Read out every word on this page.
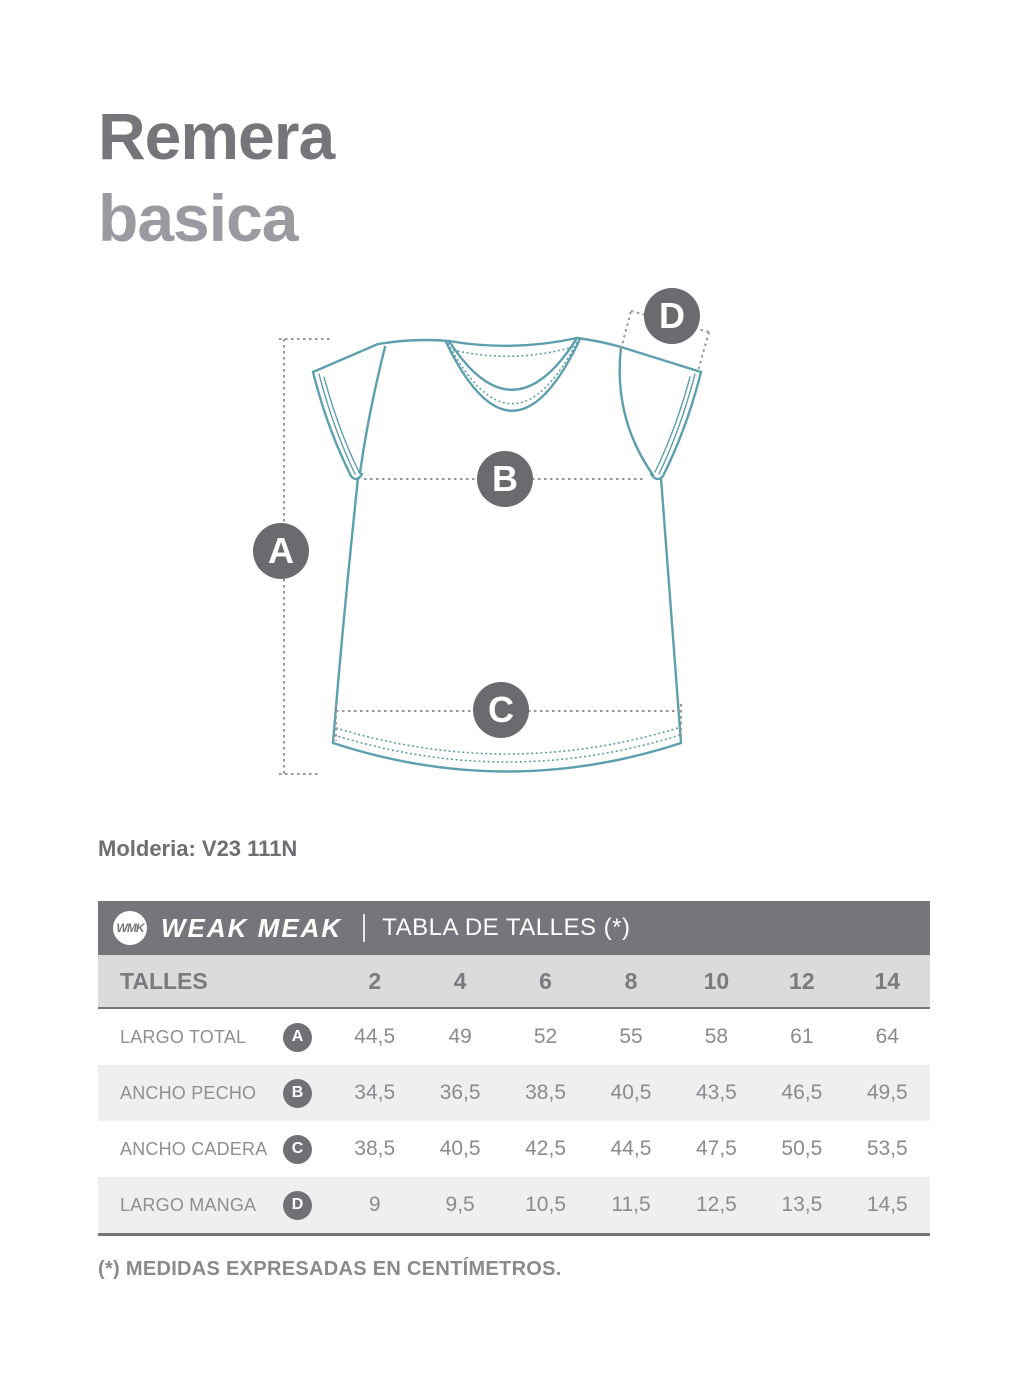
Remera
basica
A
B
C
D
Molderia: V23 111N
WMK WEAK MEAK TABLA DE TALLES (*)
TALLES	2	4	6	8	10	12	14
LARGO TOTAL	A	44,5	49	52	55	58	61	64
ANCHO PECHO	B	34,5	36,5	38,5	40,5	43,5	46,5	49,5
ANCHO CADERA	C	38,5	40,5	42,5	44,5	47,5	50,5	53,5
LARGO MANGA	D	9	9,5	10,5	11,5	12,5	13,5	14,5
(*) MEDIDAS EXPRESADAS EN CENTÍMETROS.
